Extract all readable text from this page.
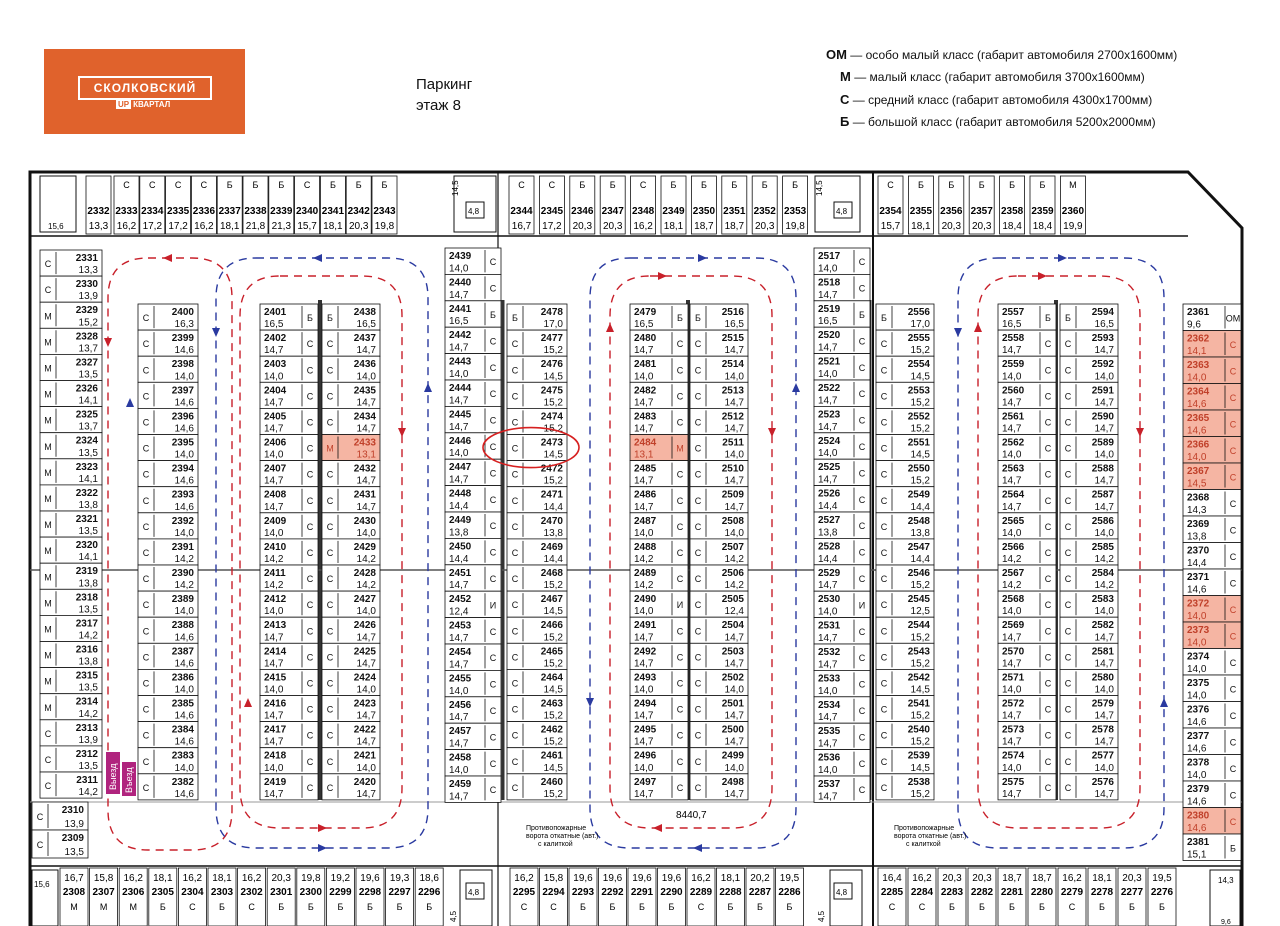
СКОЛКОВСКИЙ
UP КВАРТАЛ
Паркинг
этаж 8
ОМ — особо малый класс (габарит автомобиля 2700х1600мм)
М — малый класс (габарит автомобиля 3700х1600мм)
С — средний класс (габарит автомобиля 4300х1700мм)
Б — большой класс (габарит автомобиля 5200х2000мм)
2332
13,3
С
2333
16,2
С
2334
17,2
С
2335
17,2
С
2336
16,2
Б
2337
18,1
Б
2338
21,8
Б
2339
21,3
С
2340
15,7
Б
2341
18,1
Б
2342
20,3
Б
2343
19,8
С
2344
16,7
С
2345
17,2
Б
2346
20,3
Б
2347
20,3
С
2348
16,2
Б
2349
18,1
Б
2350
18,7
Б
2351
18,7
Б
2352
20,3
Б
2353
19,8
С
2354
15,7
Б
2355
18,1
Б
2356
20,3
Б
2357
20,3
Б
2358
18,4
Б
2359
18,4
М
2360
19,9
16,7
2308
М
15,8
2307
М
16,2
2306
М
18,1
2305
Б
16,2
2304
С
18,1
2303
Б
16,2
2302
С
20,3
2301
Б
19,8
2300
Б
19,2
2299
Б
19,6
2298
Б
19,3
2297
Б
18,6
2296
Б
16,2
2295
С
15,8
2294
С
19,6
2293
Б
19,6
2292
Б
19,6
2291
Б
19,6
2290
Б
16,2
2289
С
18,1
2288
Б
20,2
2287
Б
19,5
2286
Б
16,4
2285
С
16,2
2284
С
20,3
2283
Б
20,3
2282
Б
18,7
2281
Б
18,7
2280
Б
16,2
2279
С
18,1
2278
Б
20,3
2277
Б
19,5
2276
Б
С
2331
13,3
С
2330
13,9
М
2329
15,2
М
2328
13,7
М
2327
13,5
М
2326
14,1
М
2325
13,7
М
2324
13,5
М
2323
14,1
М
2322
13,8
М
2321
13,5
М
2320
14,1
М
2319
13,8
М
2318
13,5
М
2317
14,2
М
2316
13,8
М
2315
13,5
М
2314
14,2
С
2313
13,9
С
2312
13,5
С
2311
14,2
С
2310
13,9
С
2309
13,5
С
2400
16,3
С
2399
14,6
С
2398
14,0
С
2397
14,6
С
2396
14,6
С
2395
14,0
С
2394
14,6
С
2393
14,6
С
2392
14,0
С
2391
14,2
С
2390
14,2
С
2389
14,0
С
2388
14,6
С
2387
14,6
С
2386
14,0
С
2385
14,6
С
2384
14,6
С
2383
14,0
С
2382
14,6
Б
2401
16,5
С
2402
14,7
С
2403
14,0
С
2404
14,7
С
2405
14,7
С
2406
14,0
С
2407
14,7
С
2408
14,7
С
2409
14,0
С
2410
14,2
С
2411
14,2
С
2412
14,0
С
2413
14,7
С
2414
14,7
С
2415
14,0
С
2416
14,7
С
2417
14,7
С
2418
14,0
С
2419
14,7
Б
2438
16,5
С
2437
14,7
С
2436
14,0
С
2435
14,7
С
2434
14,7
М
2433
13,1
С
2432
14,7
С
2431
14,7
С
2430
14,0
С
2429
14,2
С
2428
14,2
С
2427
14,0
С
2426
14,7
С
2425
14,7
С
2424
14,0
С
2423
14,7
С
2422
14,7
С
2421
14,0
С
2420
14,7
С
2439
14,0
С
2440
14,7
Б
2441
16,5
С
2442
14,7
С
2443
14,0
С
2444
14,7
С
2445
14,7
С
2446
14,0
С
2447
14,7
С
2448
14,4
С
2449
13,8
С
2450
14,4
С
2451
14,7
И
2452
12,4
С
2453
14,7
С
2454
14,7
С
2455
14,0
С
2456
14,7
С
2457
14,7
С
2458
14,0
С
2459
14,7
Б
2478
17,0
С
2477
15,2
С
2476
14,5
С
2475
15,2
С
2474
15,2
С
2473
14,5
С
2472
15,2
С
2471
14,4
С
2470
13,8
С
2469
14,4
С
2468
15,2
С
2467
14,5
С
2466
15,2
С
2465
15,2
С
2464
14,5
С
2463
15,2
С
2462
15,2
С
2461
14,5
С
2460
15,2
Б
2479
16,5
С
2480
14,7
С
2481
14,0
С
2482
14,7
С
2483
14,7
М
2484
13,1
С
2485
14,7
С
2486
14,7
С
2487
14,0
С
2488
14,2
С
2489
14,2
И
2490
14,0
С
2491
14,7
С
2492
14,7
С
2493
14,0
С
2494
14,7
С
2495
14,7
С
2496
14,0
С
2497
14,7
Б
2516
16,5
С
2515
14,7
С
2514
14,0
С
2513
14,7
С
2512
14,7
С
2511
14,0
С
2510
14,7
С
2509
14,7
С
2508
14,0
С
2507
14,2
С
2506
14,2
С
2505
12,4
С
2504
14,7
С
2503
14,7
С
2502
14,0
С
2501
14,7
С
2500
14,7
С
2499
14,0
С
2498
14,7
С
2517
14,0
С
2518
14,7
Б
2519
16,5
С
2520
14,7
С
2521
14,0
С
2522
14,7
С
2523
14,7
С
2524
14,0
С
2525
14,7
С
2526
14,4
С
2527
13,8
С
2528
14,4
С
2529
14,7
И
2530
14,0
С
2531
14,7
С
2532
14,7
С
2533
14,0
С
2534
14,7
С
2535
14,7
С
2536
14,0
С
2537
14,7
Б
2556
17,0
С
2555
15,2
С
2554
14,5
С
2553
15,2
С
2552
15,2
С
2551
14,5
С
2550
15,2
С
2549
14,4
С
2548
13,8
С
2547
14,4
С
2546
15,2
С
2545
12,5
С
2544
15,2
С
2543
15,2
С
2542
14,5
С
2541
15,2
С
2540
15,2
С
2539
14,5
С
2538
15,2
Б
2557
16,5
С
2558
14,7
С
2559
14,0
С
2560
14,7
С
2561
14,7
С
2562
14,0
С
2563
14,7
С
2564
14,7
С
2565
14,0
С
2566
14,2
С
2567
14,2
С
2568
14,0
С
2569
14,7
С
2570
14,7
С
2571
14,0
С
2572
14,7
С
2573
14,7
С
2574
14,0
С
2575
14,7
Б
2594
16,5
С
2593
14,7
С
2592
14,0
С
2591
14,7
С
2590
14,7
С
2589
14,0
С
2588
14,7
С
2587
14,7
С
2586
14,0
С
2585
14,2
С
2584
14,2
С
2583
14,0
С
2582
14,7
С
2581
14,7
С
2580
14,0
С
2579
14,7
С
2578
14,7
С
2577
14,0
С
2576
14,7
ОМ
2361
9,6
С
2362
14,1
С
2363
14,0
С
2364
14,6
С
2365
14,6
С
2366
14,0
С
2367
14,5
С
2368
14,3
С
2369
13,8
С
2370
14,4
С
2371
14,6
С
2372
14,0
С
2373
14,0
С
2374
14,0
С
2375
14,0
С
2376
14,6
С
2377
14,6
С
2378
14,0
С
2379
14,6
С
2380
14,6
Б
2381
15,1
Выезд Въезд
8440,7
Противопожарные
ворота откатные (авт.)
с калиткой
Противопожарные
ворота откатные (авт.)
с калиткой
15,6
15,6	14,3
9,6
14,5	14,5
4,5	4,5
4,8	4,8
4,8	4,8
